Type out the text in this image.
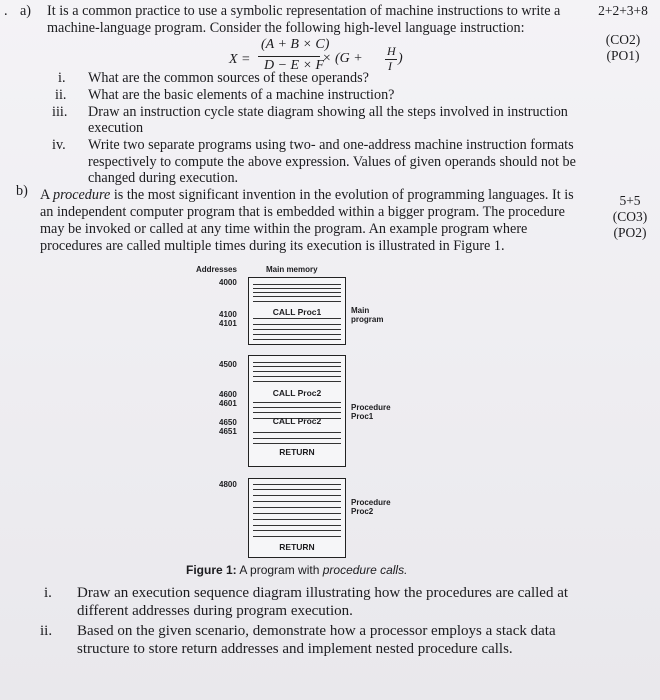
. a) It is a common practice to use a symbolic representation of machine instructions to write a
machine-language program. Consider the following high-level language instruction:
2+2+3+8
(CO2)
(PO1)
X =
(A + B × C)
D − E × F
× (G + H
I )
i. What are the common sources of these operands?
ii. What are the basic elements of a machine instruction?
iii. Draw an instruction cycle state diagram showing all the steps involved in instruction
execution
iv. Write two separate programs using two- and one-address machine instruction formats
respectively to compute the above expression. Values of given operands should not be
changed during execution.
b) A procedure is the most significant invention in the evolution of programming languages. It is
an independent computer program that is embedded within a bigger program. The procedure
may be invoked or called at any time within the program. An example program where
procedures are called multiple times during its execution is illustrated in Figure 1.
5+5
(CO3)
(PO2)
Addresses	Main memory
4000
4100
4101
4500
4600
4601
4650
4651
4800
CALL Proc1
CALL Proc2
CALL Proc2
RETURN
RETURN
Main
program
Procedure
Proc1
Procedure
Proc2
Figure 1: A program with procedure calls.
i. Draw an execution sequence diagram illustrating how the procedures are called at
different addresses during program execution.
ii. Based on the given scenario, demonstrate how a processor employs a stack data
structure to store return addresses and implement nested procedure calls.
